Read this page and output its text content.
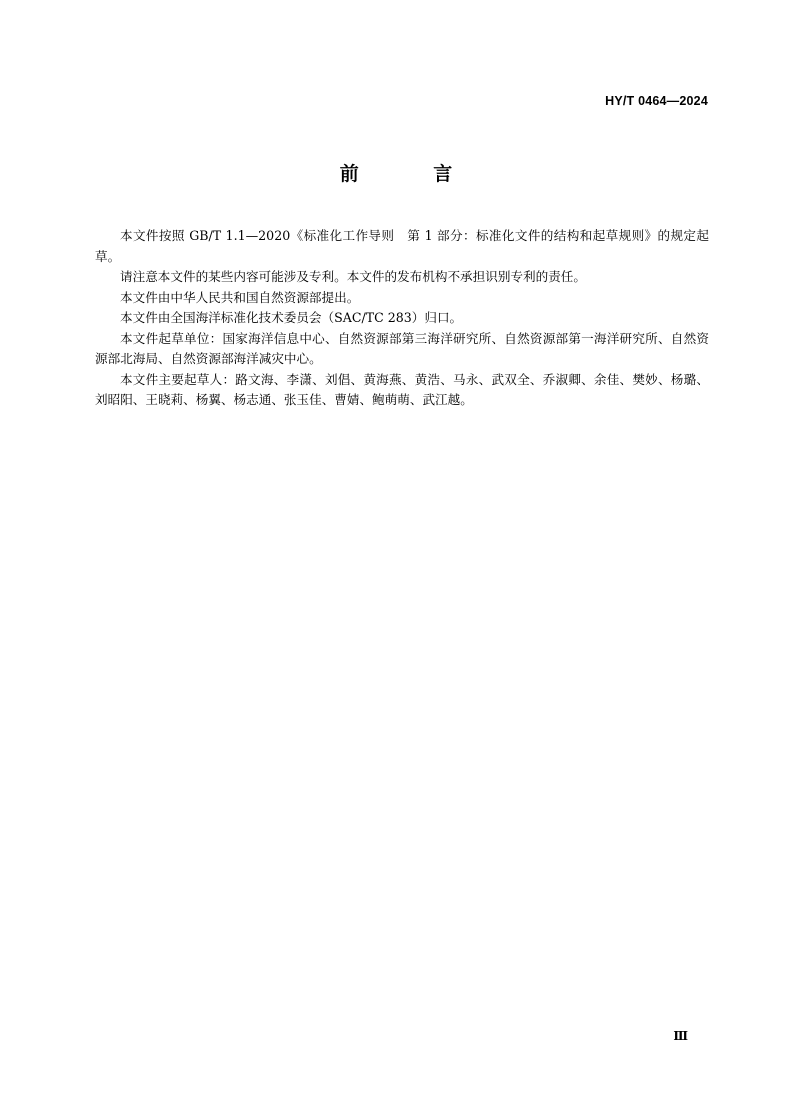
HY/T 0464—2024
前 言

本文件按照 GB/T 1.1—2020《标准化工作导则　第 1 部分：标准化文件的结构和起草规则》的规定起草。

请注意本文件的某些内容可能涉及专利。本文件的发布机构不承担识别专利的责任。

本文件由中华人民共和国自然资源部提出。

本文件由全国海洋标准化技术委员会（SAC/TC 283）归口。

本文件起草单位：国家海洋信息中心、自然资源部第三海洋研究所、自然资源部第一海洋研究所、自然资源部北海局、自然资源部海洋减灾中心。

本文件主要起草人：路文海、李潇、刘倡、黄海燕、黄浩、马永、武双全、乔淑卿、余佳、樊妙、杨璐、刘昭阳、王晓莉、杨翼、杨志通、张玉佳、曹婧、鲍萌萌、武江越。

Ⅲ
